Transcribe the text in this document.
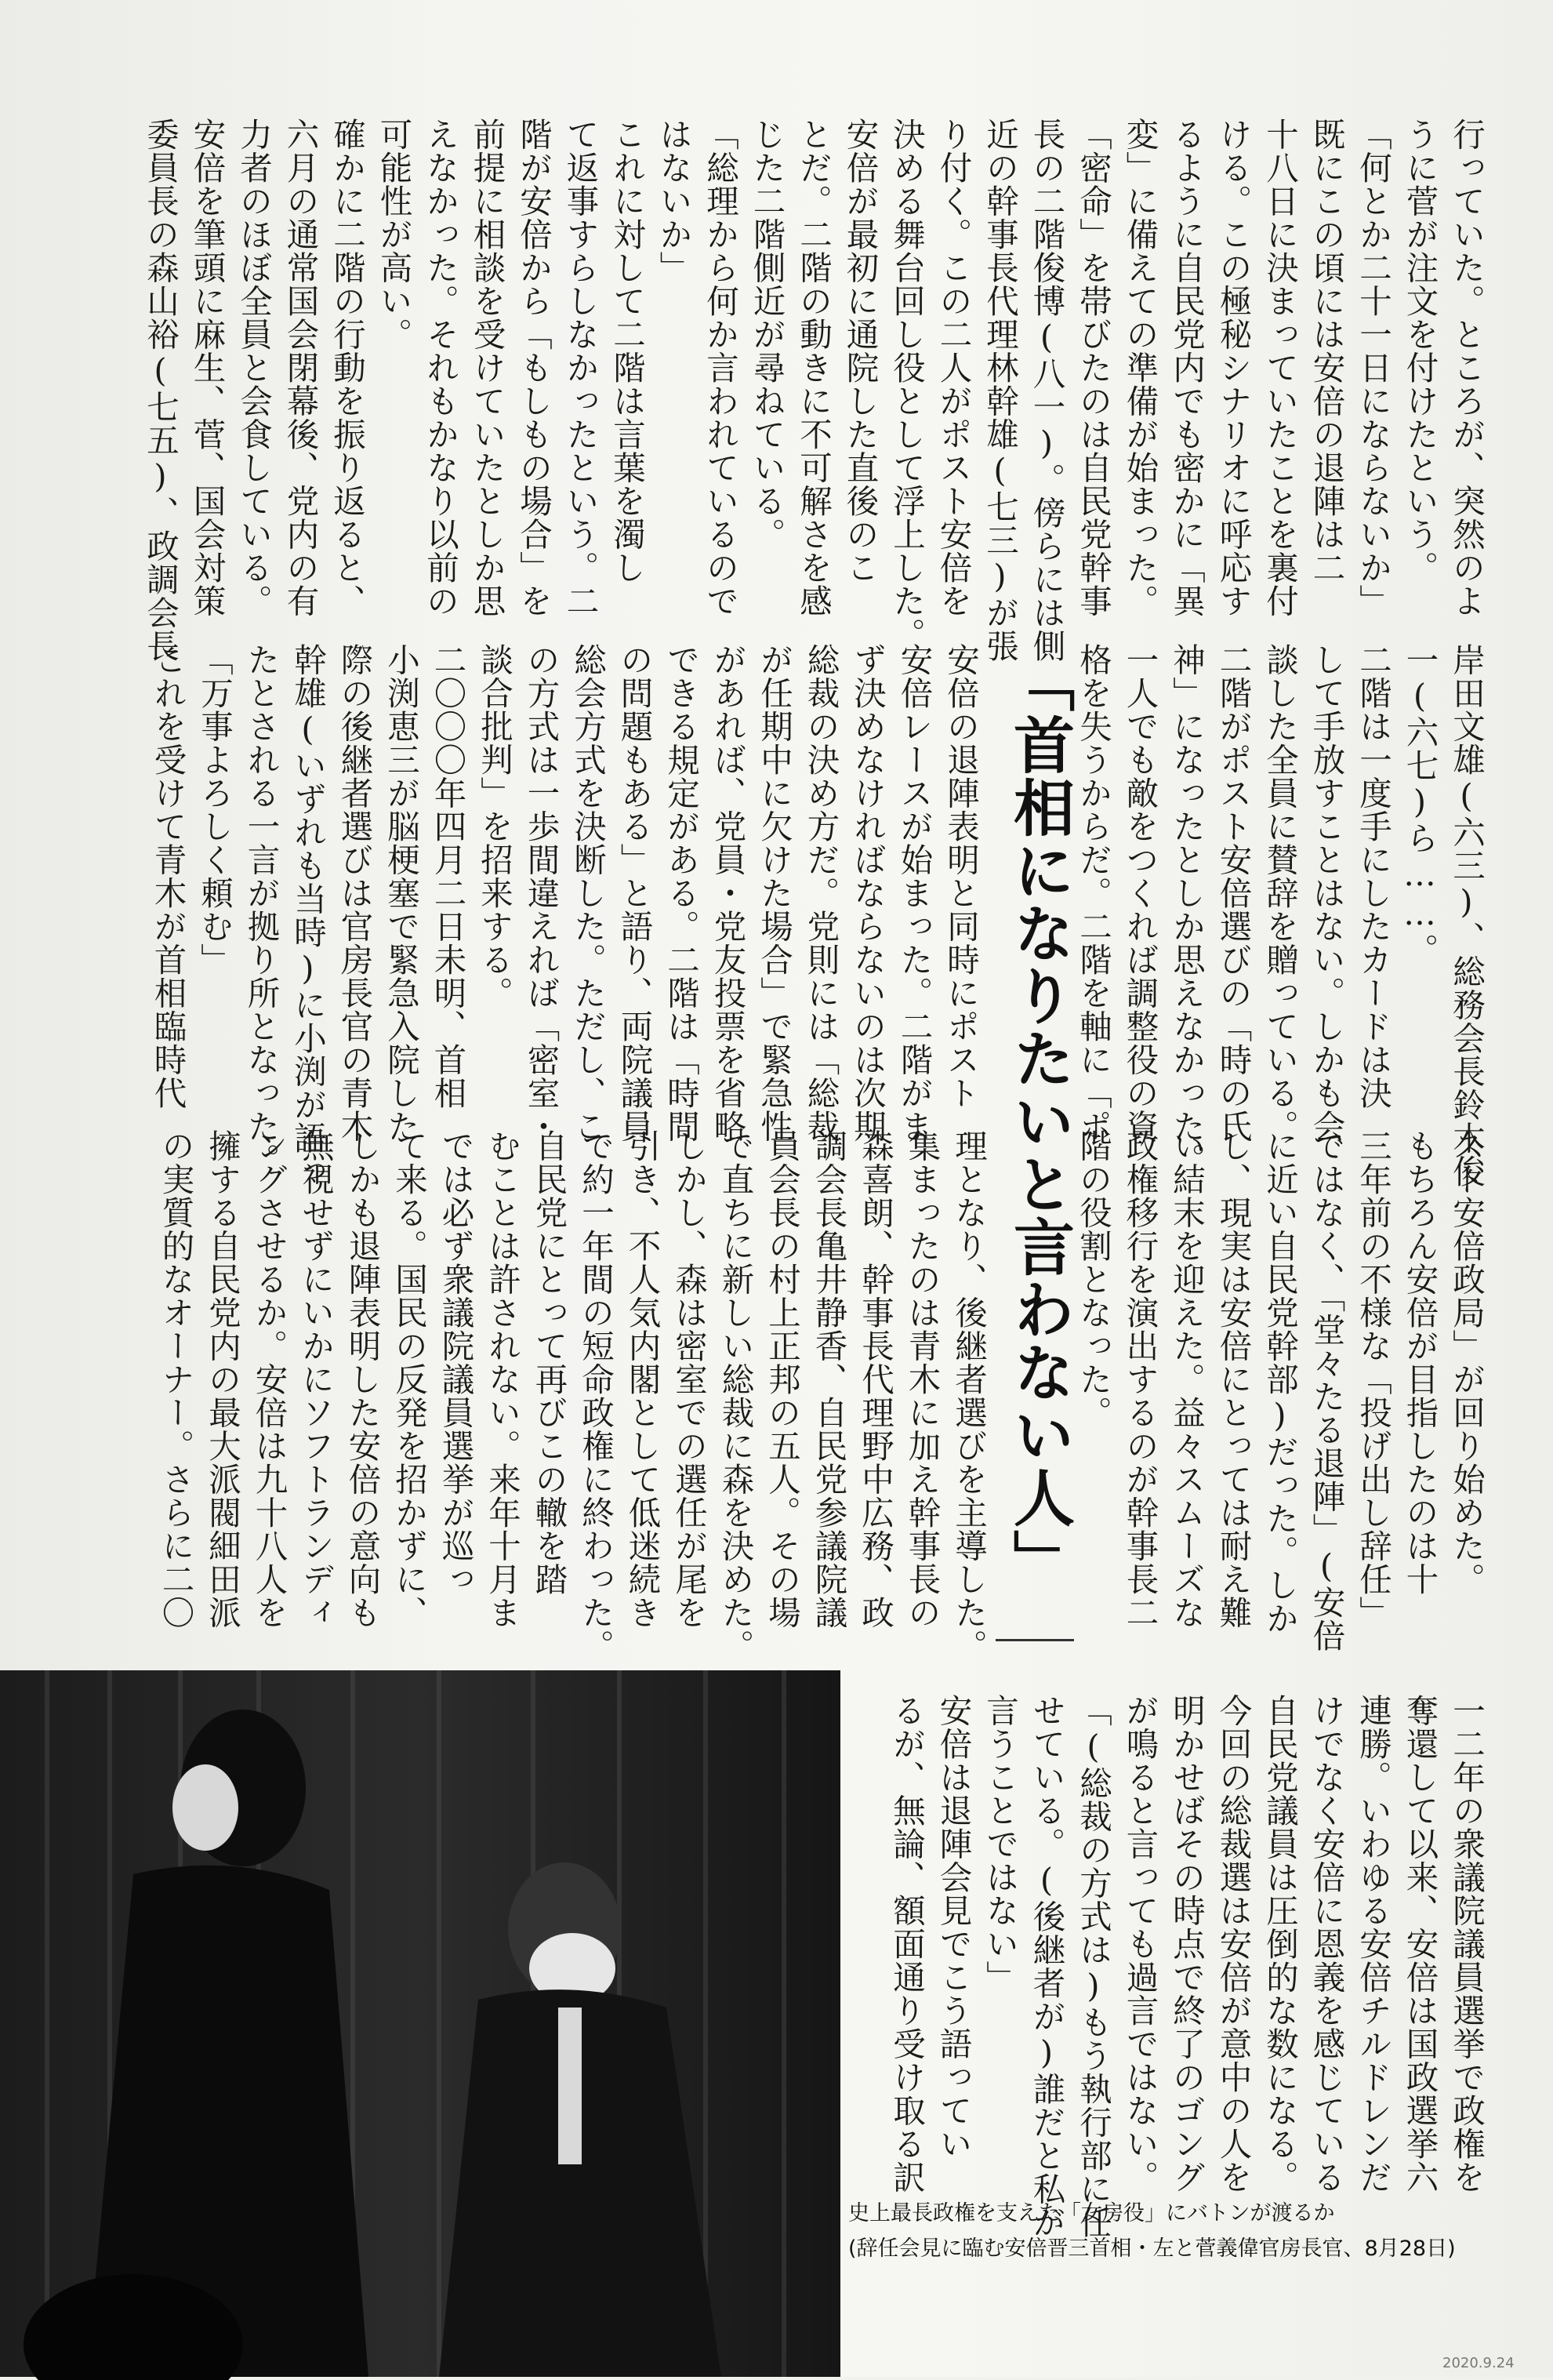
行っていた。ところが、突然のよ
うに菅が注文を付けたという。
「何とか二十一日にならないか」
既にこの頃には安倍の退陣は二
十八日に決まっていたことを裏付
ける。この極秘シナリオに呼応す
るように自民党内でも密かに「異
変」に備えての準備が始まった。
「密命」を帯びたのは自民党幹事
長の二階俊博(八一)。傍らには側
近の幹事長代理林幹雄(七三)が張
り付く。この二人がポスト安倍を
決める舞台回し役として浮上した。
安倍が最初に通院した直後のこ
とだ。二階の動きに不可解さを感
じた二階側近が尋ねている。
「総理から何か言われているので
はないか」
これに対して二階は言葉を濁し
て返事すらしなかったという。二
階が安倍から「もしもの場合」を
前提に相談を受けていたとしか思
えなかった。それもかなり以前の
可能性が高い。
確かに二階の行動を振り返ると、
六月の通常国会閉幕後、党内の有
力者のほぼ全員と会食している。
安倍を筆頭に麻生、菅、国会対策
委員長の森山裕(七五)、政調会長
岸田文雄(六三)、総務会長鈴木俊
一(六七)ら……。
二階は一度手にしたカードは決
して手放すことはない。しかも会
談した全員に賛辞を贈っている。
二階がポスト安倍選びの「時の氏
神」になったとしか思えなかった。
一人でも敵をつくれば調整役の資
格を失うからだ。二階を軸に「ポ
「首相になりたいと言わない人」
安倍の退陣表明と同時にポスト
安倍レースが始まった。二階がま
ず決めなければならないのは次期
総裁の決め方だ。党則には「総裁
が任期中に欠けた場合」で緊急性
があれば、党員・党友投票を省略
できる規定がある。二階は「時間
の問題もある」と語り、両院議員
総会方式を決断した。ただし、こ
の方式は一歩間違えれば「密室・
談合批判」を招来する。
二〇〇〇年四月二日未明、首相
小渕恵三が脳梗塞で緊急入院した
際の後継者選びは官房長官の青木
幹雄(いずれも当時)に小渕が語っ
たとされる一言が拠り所となった。
「万事よろしく頼む」
これを受けて青木が首相臨時代
理となり、後継者選びを主導した。
集まったのは青木に加え幹事長の
森喜朗、幹事長代理野中広務、政
調会長亀井静香、自民党参議院議
員会長の村上正邦の五人。その場
で直ちに新しい総裁に森を決めた。
しかし、森は密室での選任が尾を
引き、不人気内閣として低迷続き
で約一年間の短命政権に終わった。
自民党にとって再びこの轍を踏
むことは許されない。来年十月ま
では必ず衆議院議員選挙が巡っ
て来る。国民の反発を招かずに、
しかも退陣表明した安倍の意向も
無視せずにいかにソフトランディ
ングさせるか。安倍は九十八人を
擁する自民党内の最大派閥細田派
の実質的なオーナー。さらに二〇	スト安倍政局」が回り始めた。
もちろん安倍が目指したのは十
三年前の不様な「投げ出し辞任」
ではなく、「堂々たる退陣」(安倍
に近い自民党幹部)だった。しか
し、現実は安倍にとっては耐え難
い結末を迎えた。益々スムーズな
政権移行を演出するのが幹事長二
階の役割となった。
一二年の衆議院議員選挙で政権を
奪還して以来、安倍は国政選挙六
連勝。いわゆる安倍チルドレンだ
けでなく安倍に恩義を感じている
自民党議員は圧倒的な数になる。
今回の総裁選は安倍が意中の人を
明かせばその時点で終了のゴング
が鳴ると言っても過言ではない。
「(総裁の方式は)もう執行部に任
せている。(後継者が)誰だと私が
言うことではない」
安倍は退陣会見でこう語ってい
るが、無論、額面通り受け取る訳
史上最長政権を支えた「女房役」にバトンが渡るか
(辞任会見に臨む安倍晋三首相・左と菅義偉官房長官、8月28日)
2020.9.24
